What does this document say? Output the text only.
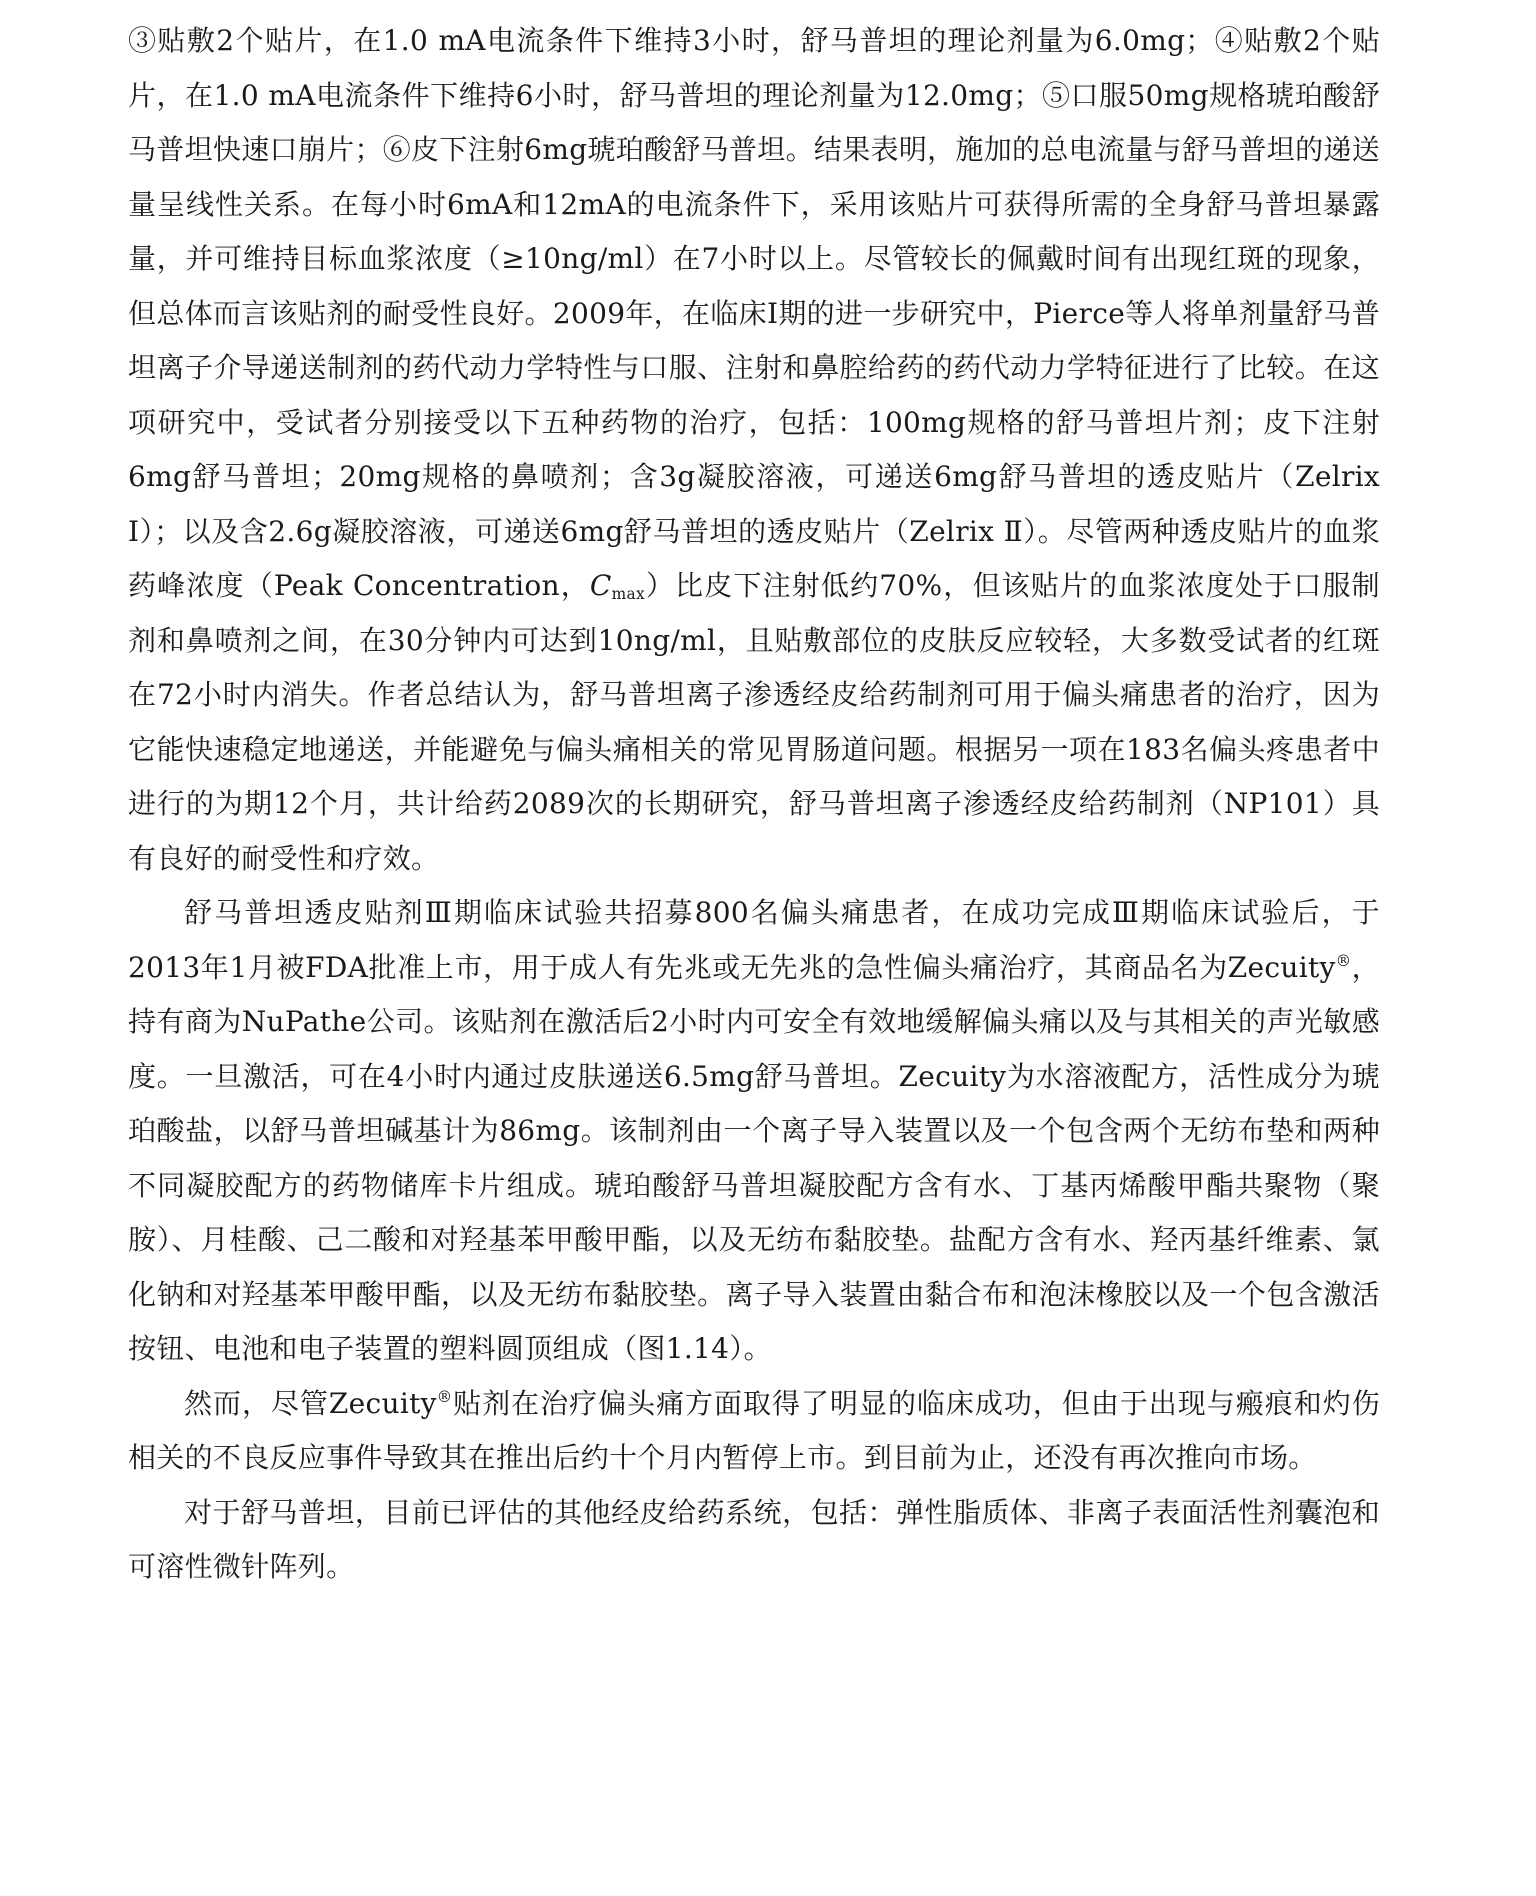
③贴敷2个贴片，在1.0 mA电流条件下维持3小时，舒马普坦的理论剂量为6.0mg；④贴敷2个贴片，在1.0 mA电流条件下维持6小时，舒马普坦的理论剂量为12.0mg；⑤口服50mg规格琥珀酸舒马普坦快速口崩片；⑥皮下注射6mg琥珀酸舒马普坦。结果表明，施加的总电流量与舒马普坦的递送量呈线性关系。在每小时6mA和12mA的电流条件下，采用该贴片可获得所需的全身舒马普坦暴露量，并可维持目标血浆浓度（≥10ng/ml）在7小时以上。尽管较长的佩戴时间有出现红斑的现象，但总体而言该贴剂的耐受性良好。2009年，在临床Ⅰ期的进一步研究中，Pierce等人将单剂量舒马普坦离子介导递送制剂的药代动力学特性与口服、注射和鼻腔给药的药代动力学特征进行了比较。在这项研究中，受试者分别接受以下五种药物的治疗，包括：100mg规格的舒马普坦片剂；皮下注射6mg舒马普坦；20mg规格的鼻喷剂；含3g凝胶溶液，可递送6mg舒马普坦的透皮贴片（Zelrix Ⅰ）；以及含2.6g凝胶溶液，可递送6mg舒马普坦的透皮贴片（Zelrix Ⅱ）。尽管两种透皮贴片的血浆药峰浓度（Peak Concentration，$C_{max}$）比皮下注射低约70%，但该贴片的血浆浓度处于口服制剂和鼻喷剂之间，在30分钟内可达到10ng/ml，且贴敷部位的皮肤反应较轻，大多数受试者的红斑在72小时内消失。作者总结认为，舒马普坦离子渗透经皮给药制剂可用于偏头痛患者的治疗，因为它能快速稳定地递送，并能避免与偏头痛相关的常见胃肠道问题。根据另一项在183名偏头疼患者中进行的为期12个月，共计给药2089次的长期研究，舒马普坦离子渗透经皮给药制剂（NP101）具有良好的耐受性和疗效。

舒马普坦透皮贴剂Ⅲ期临床试验共招募800名偏头痛患者，在成功完成Ⅲ期临床试验后，于2013年1月被FDA批准上市，用于成人有先兆或无先兆的急性偏头痛治疗，其商品名为Zecuity®，持有商为NuPathe公司。该贴剂在激活后2小时内可安全有效地缓解偏头痛以及与其相关的声光敏感度。一旦激活，可在4小时内通过皮肤递送6.5mg舒马普坦。Zecuity为水溶液配方，活性成分为琥珀酸盐，以舒马普坦碱基计为86mg。该制剂由一个离子导入装置以及一个包含两个无纺布垫和两种不同凝胶配方的药物储库卡片组成。琥珀酸舒马普坦凝胶配方含有水、丁基丙烯酸甲酯共聚物（聚胺）、月桂酸、己二酸和对羟基苯甲酸甲酯，以及无纺布黏胶垫。盐配方含有水、羟丙基纤维素、氯化钠和对羟基苯甲酸甲酯，以及无纺布黏胶垫。离子导入装置由黏合布和泡沫橡胶以及一个包含激活按钮、电池和电子装置的塑料圆顶组成（图1.14）。

然而，尽管Zecuity®贴剂在治疗偏头痛方面取得了明显的临床成功，但由于出现与瘢痕和灼伤相关的不良反应事件导致其在推出后约十个月内暂停上市。到目前为止，还没有再次推向市场。

对于舒马普坦，目前已评估的其他经皮给药系统，包括：弹性脂质体、非离子表面活性剂囊泡和可溶性微针阵列。
